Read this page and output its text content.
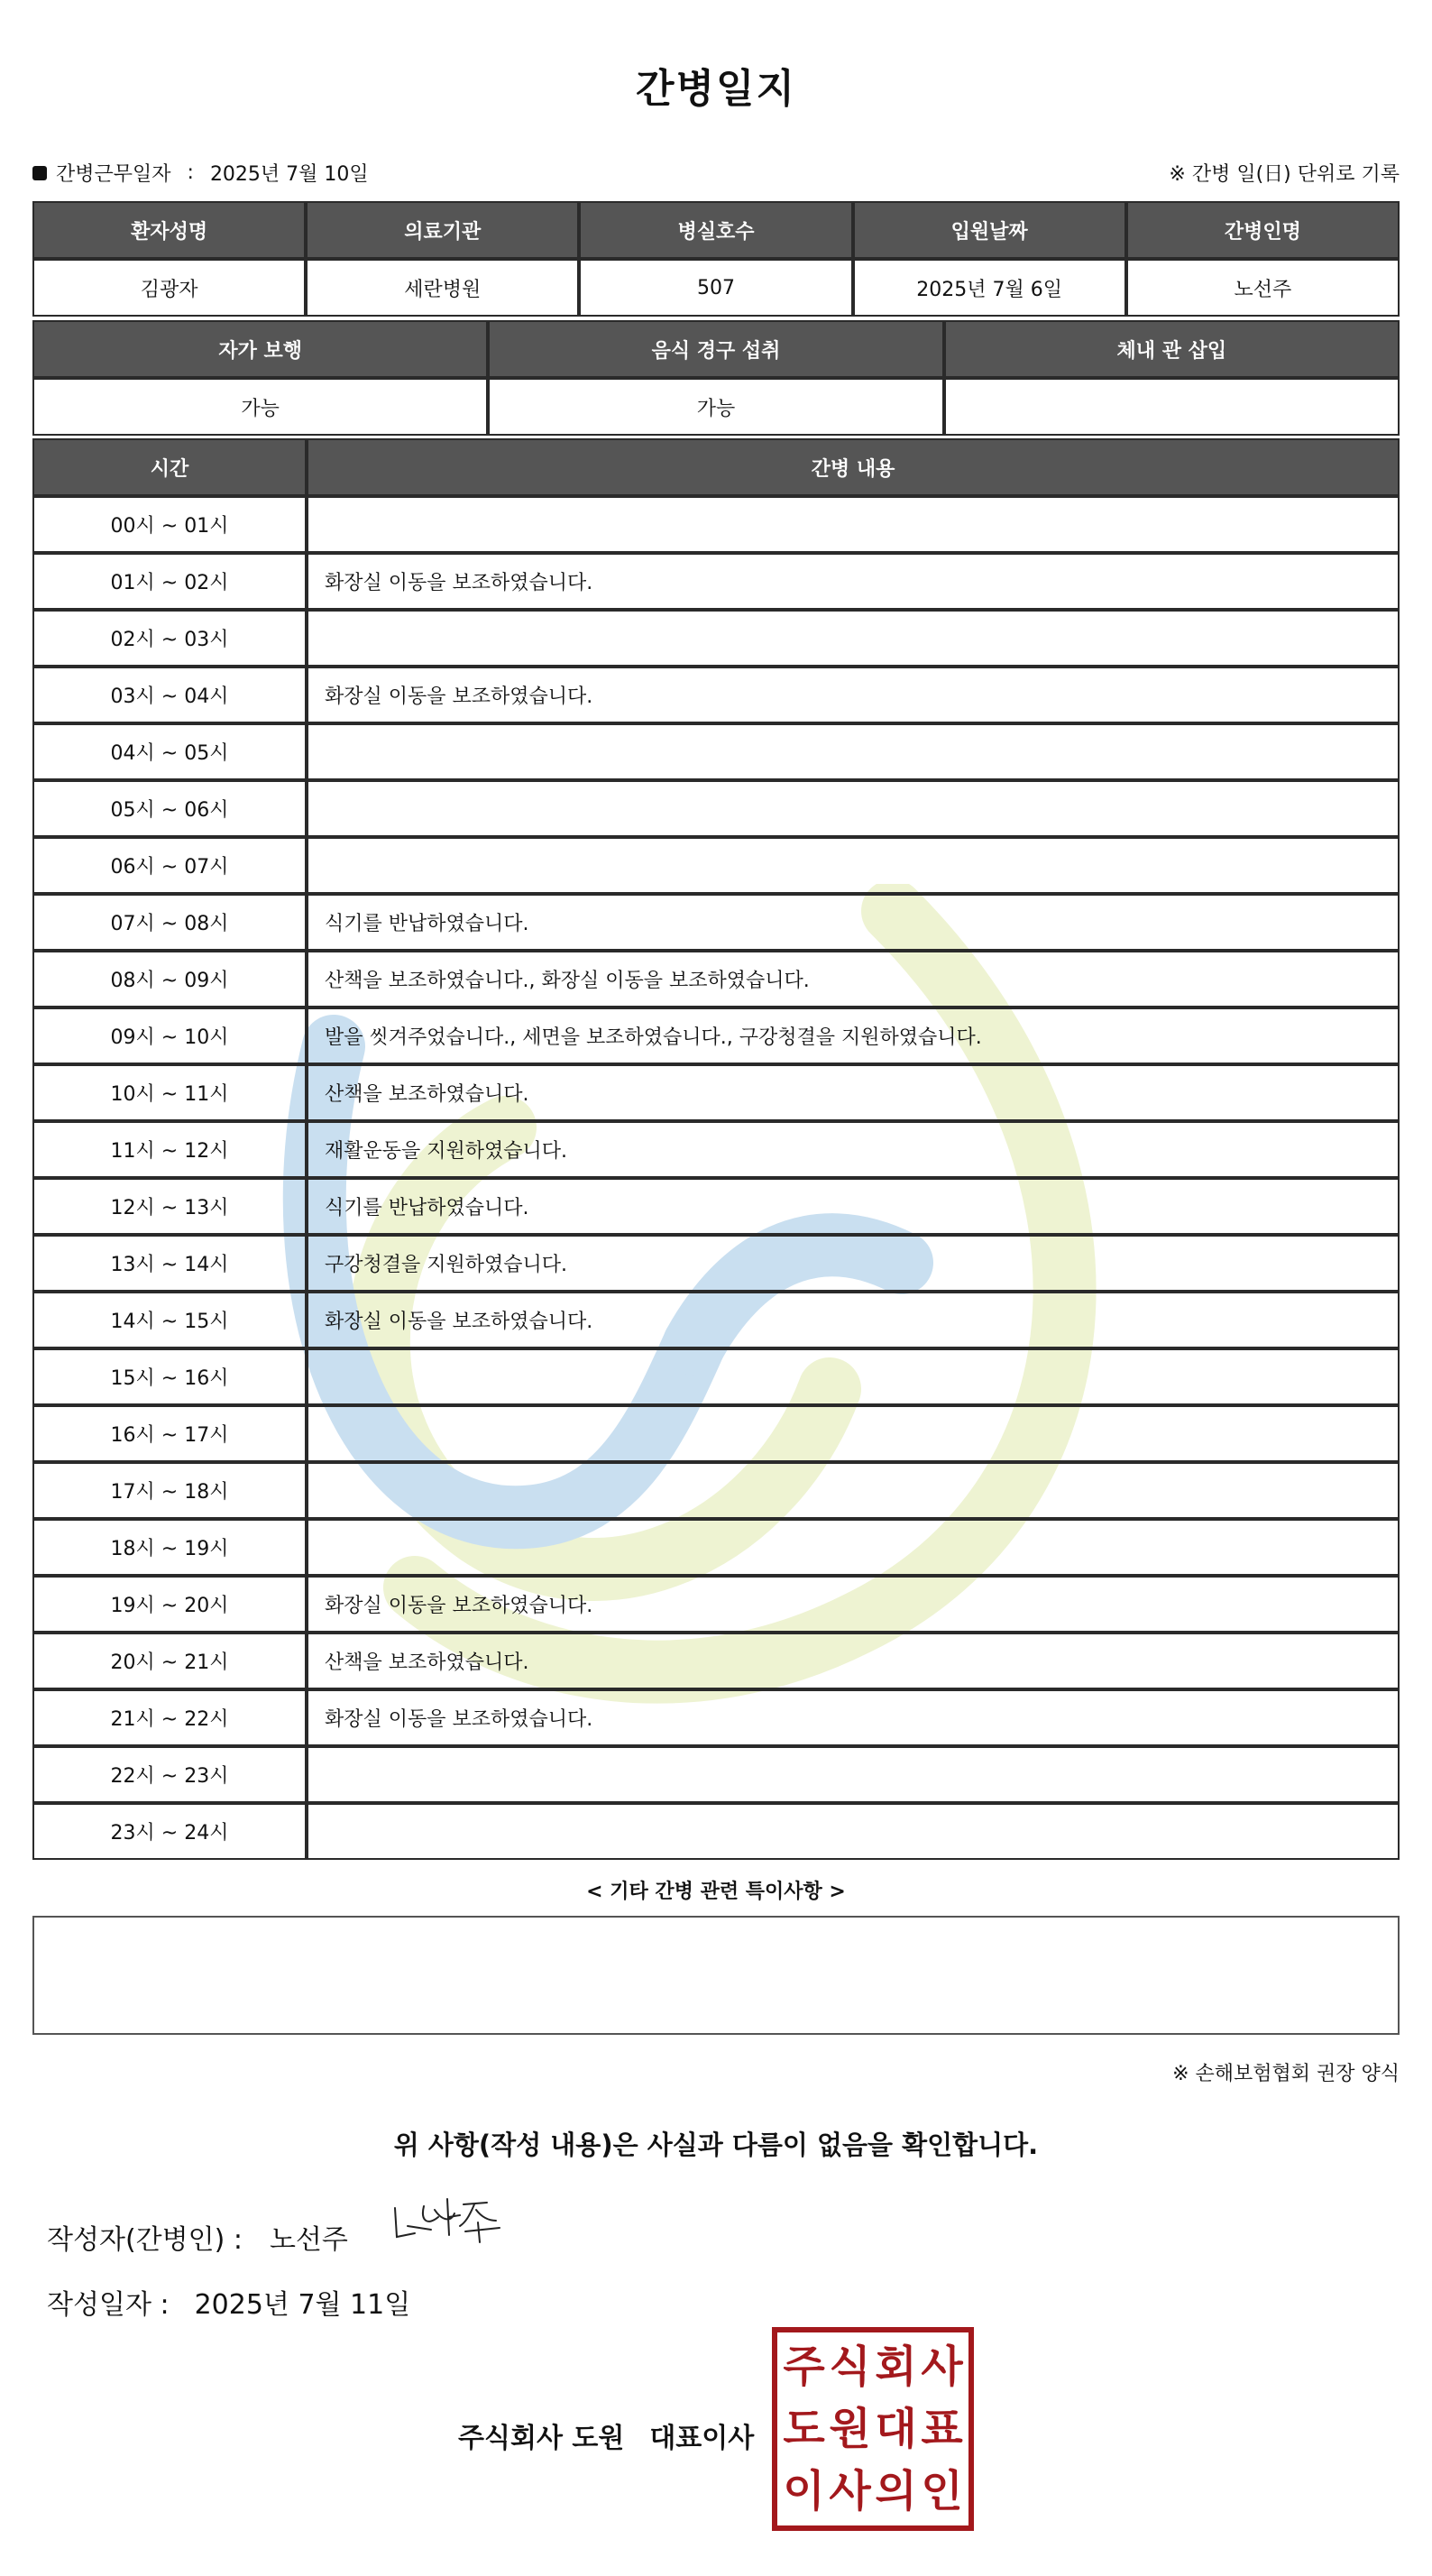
간병일지
간병근무일자 : 2025년 7월 10일	※ 간병 일(日) 단위로 기록
환자성명	의료기관	병실호수	입원날짜	간병인명
김광자	세란병원	507	2025년 7월 6일	노선주
자가 보행	음식 경구 섭취	체내 관 삽입
가능	가능	
시간	간병 내용
00시 ~ 01시	
01시 ~ 02시	화장실 이동을 보조하였습니다.
02시 ~ 03시	
03시 ~ 04시	화장실 이동을 보조하였습니다.
04시 ~ 05시	
05시 ~ 06시	
06시 ~ 07시	
07시 ~ 08시	식기를 반납하였습니다.
08시 ~ 09시	산책을 보조하였습니다., 화장실 이동을 보조하였습니다.
09시 ~ 10시	발을 씻겨주었습니다., 세면을 보조하였습니다., 구강청결을 지원하였습니다.
10시 ~ 11시	산책을 보조하였습니다.
11시 ~ 12시	재활운동을 지원하였습니다.
12시 ~ 13시	식기를 반납하였습니다.
13시 ~ 14시	구강청결을 지원하였습니다.
14시 ~ 15시	화장실 이동을 보조하였습니다.
15시 ~ 16시	
16시 ~ 17시	
17시 ~ 18시	
18시 ~ 19시	
19시 ~ 20시	화장실 이동을 보조하였습니다.
20시 ~ 21시	산책을 보조하였습니다.
21시 ~ 22시	화장실 이동을 보조하였습니다.
22시 ~ 23시	
23시 ~ 24시	
< 기타 간병 관련 특이사항 >
※ 손해보험협회 권장 양식
위 사항(작성 내용)은 사실과 다름이 없음을 확인합니다.
작성자(간병인) : 노선주
작성일자 : 2025년 7월 11일
주식회사 도원 대표이사
주 식 회 사
도 원 대 표
이 사 의 인
